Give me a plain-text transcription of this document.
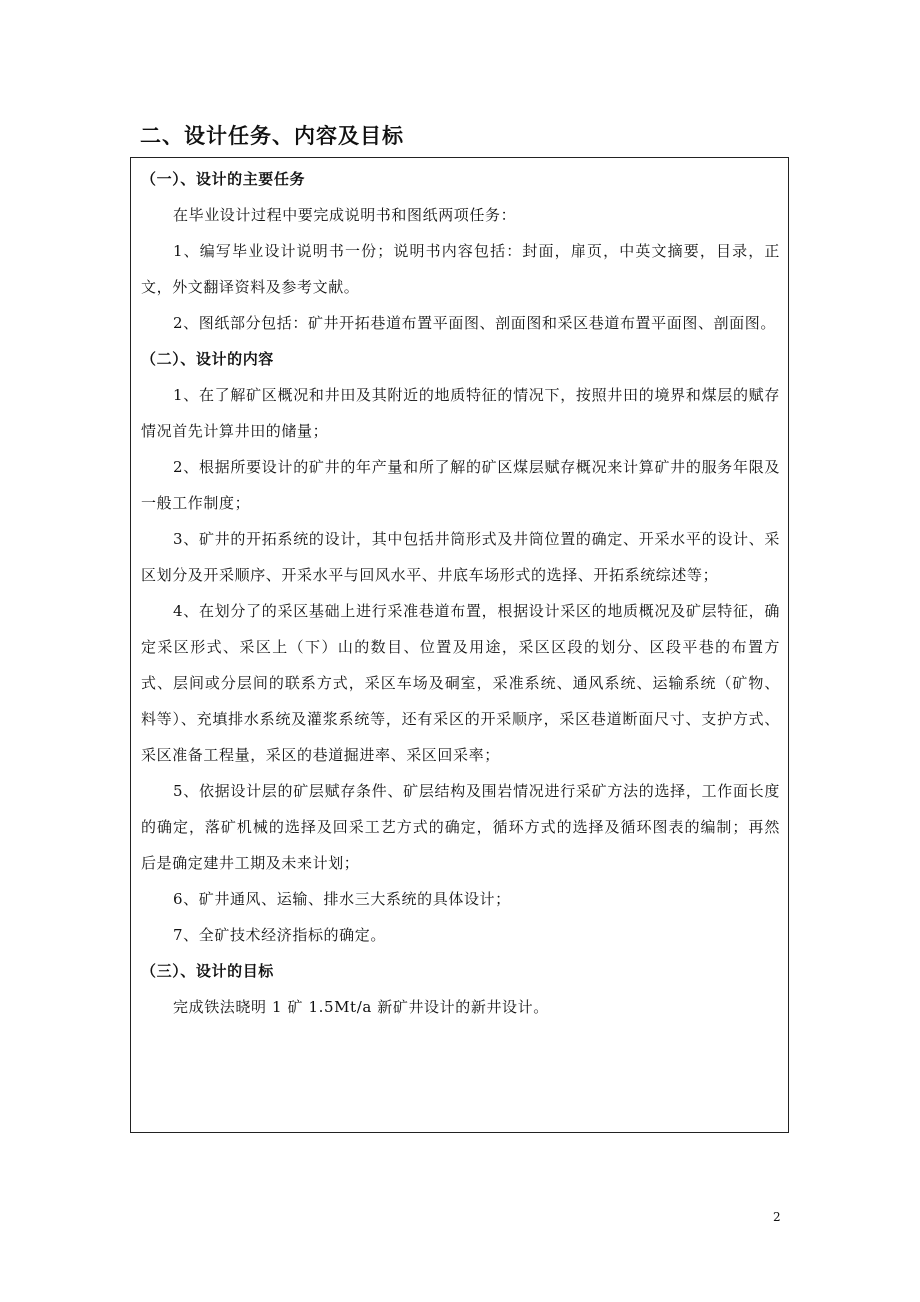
二、设计任务、内容及目标

（一）、设计的主要任务

在毕业设计过程中要完成说明书和图纸两项任务：

1、编写毕业设计说明书一份；说明书内容包括：封面，扉页，中英文摘要，目录，正文，外文翻译资料及参考文献。

2、图纸部分包括：矿井开拓巷道布置平面图、剖面图和采区巷道布置平面图、剖面图。

（二）、设计的内容

1、在了解矿区概况和井田及其附近的地质特征的情况下，按照井田的境界和煤层的赋存情况首先计算井田的储量；

2、根据所要设计的矿井的年产量和所了解的矿区煤层赋存概况来计算矿井的服务年限及一般工作制度；

3、矿井的开拓系统的设计，其中包括井筒形式及井筒位置的确定、开采水平的设计、采区划分及开采顺序、开采水平与回风水平、井底车场形式的选择、开拓系统综述等；

4、在划分了的采区基础上进行采准巷道布置，根据设计采区的地质概况及矿层特征，确定采区形式、采区上（下）山的数目、位置及用途，采区区段的划分、区段平巷的布置方式、层间或分层间的联系方式，采区车场及硐室，采准系统、通风系统、运输系统（矿物、料等）、充填排水系统及灌浆系统等，还有采区的开采顺序，采区巷道断面尺寸、支护方式、采区准备工程量，采区的巷道掘进率、采区回采率；

5、依据设计层的矿层赋存条件、矿层结构及围岩情况进行采矿方法的选择，工作面长度的确定，落矿机械的选择及回采工艺方式的确定，循环方式的选择及循环图表的编制；再然后是确定建井工期及未来计划；

6、矿井通风、运输、排水三大系统的具体设计；

7、全矿技术经济指标的确定。

（三）、设计的目标

完成铁法晓明 1 矿 1.5Mt/a 新矿井设计的新井设计。

2
